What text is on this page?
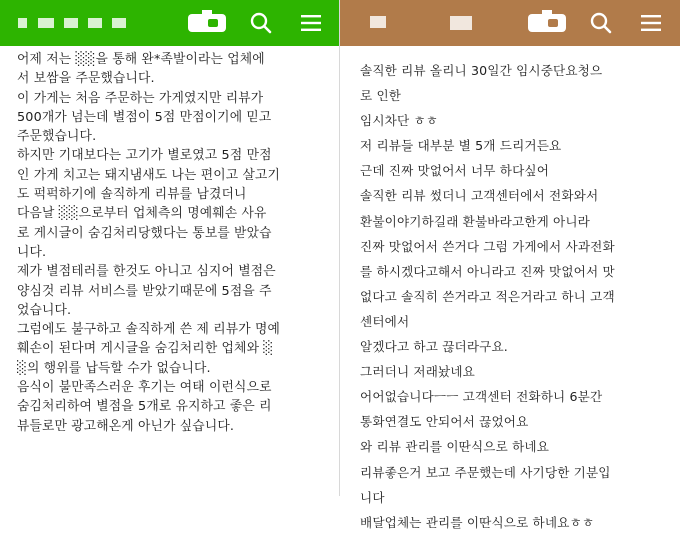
어제 저는 ░░을 통해 완*족발이라는 업체에

서 보쌈을 주문했습니다.

이 가게는 처음 주문하는 가게였지만 리뷰가

500개가 넘는데 별점이 5점 만점이기에 믿고

주문했습니다.

하지만 기대보다는 고기가 별로였고 5점 만점

인 가게 치고는 돼지냄새도 나는 편이고 살고기

도 퍽퍽하기에 솔직하게 리뷰를 남겼더니

다음날 ░░으로부터 업체측의 명예훼손 사유

로 게시글이 숨김처리당했다는 통보를 받았습

니다.

제가 별점테러를 한것도 아니고 심지어 별점은

양심것 리뷰 서비스를 받았기때문에 5점을 주

었습니다.

그럼에도 불구하고 솔직하게 쓴 제 리뷰가 명예

훼손이 된다며 게시글을 숨김처리한 업체와 ░

░의 행위를 납득할 수가 없습니다.

음식이 불만족스러운 후기는 여태 이런식으로

숨김처리하여 별점을 5개로 유지하고 좋은 리

뷰들로만 광고해온게 아닌가 싶습니다.

솔직한 리뷰 올리니 30일간 임시중단요청으

로 인한

임시차단 ㅎㅎ

저 리뷰들 대부분 별 5개 드리거든요

근데 진짜 맛없어서 너무 하다싶어

솔직한 리뷰 썼더니 고객센터에서 전화와서

환불이야기하길래 환불바라고한게 아니라

진짜 맛없어서 쓴거다 그럼 가게에서 사과전화

를 하시겠다고해서 아니라고 진짜 맛없어서 맛

없다고 솔직히 쓴거라고 적은거라고 하니 고객

센터에서

알겠다고 하고 끊더라구요.

그러더니 저래놨네요

어어없습니다ㅡㅡ 고객센터 전화하니 6분간

통화연결도 안되어서 끊었어요

와 리뷰 관리를 이딴식으로 하네요

리뷰좋은거 보고 주문했는데 사기당한 기분입

니다

배달업체는 관리를 이딴식으로 하네요ㅎㅎ
